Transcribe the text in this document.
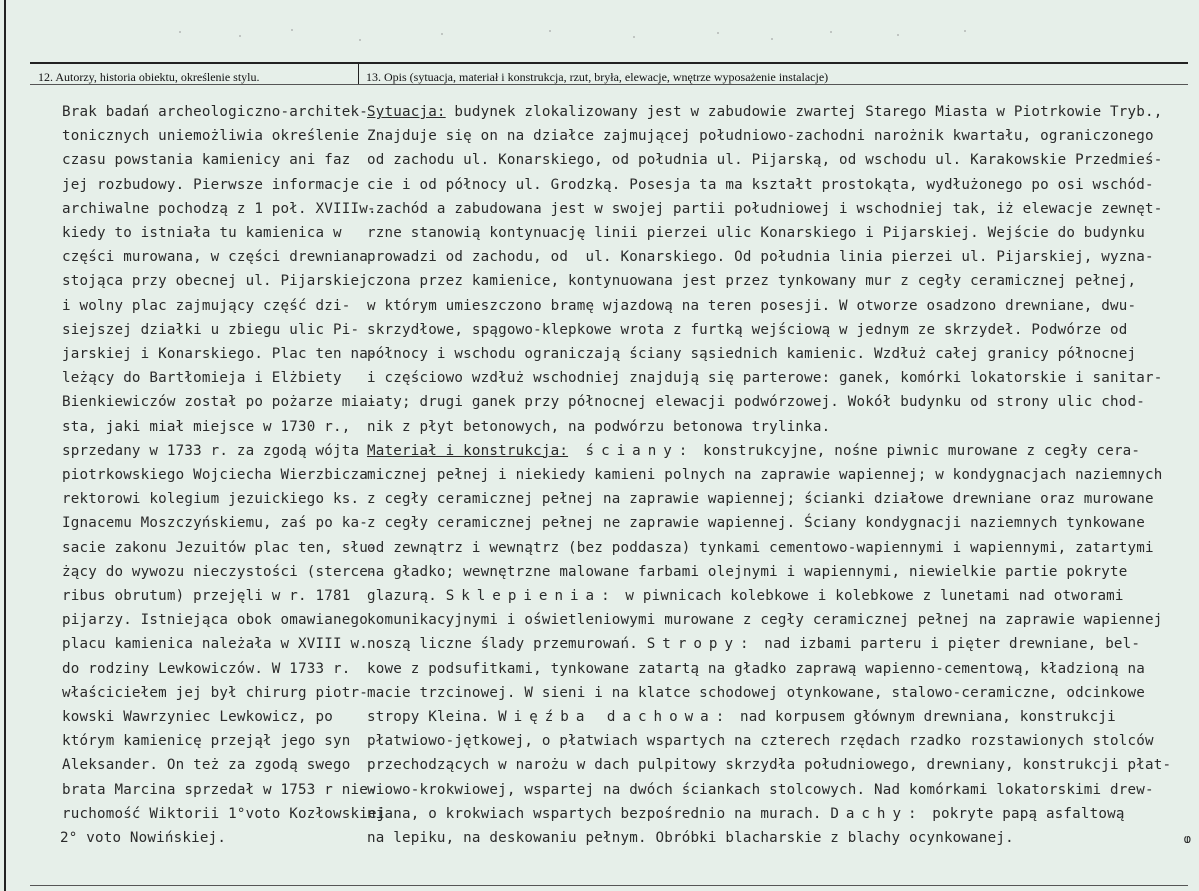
12. Autorzy, historia obiektu, określenie stylu.	13. Opis (sytuacja, materiał i konstrukcja, rzut, bryła, elewacje, wnętrze wyposażenie instalacje)
Brak badań archeologiczno-architek-
tonicznych uniemożliwia określenie
czasu powstania kamienicy ani faz
jej rozbudowy. Pierwsze informacje
archiwalne pochodzą z 1 poł. XVIIIw.
kiedy to istniała tu kamienica w
części murowana, w części drewniana
stojąca przy obecnej ul. Pijarskiej
i wolny plac zajmujący część dzi-
siejszej działki u zbiegu ulic Pi-
jarskiej i Konarskiego. Plac ten na-
leżący do Bartłomieja i Elżbiety
Bienkiewiczów został po pożarze mia-
sta, jaki miał miejsce w 1730 r.,
sprzedany w 1733 r. za zgodą wójta
piotrkowskiego Wojciecha Wierzbicza
rektorowi kolegium jezuickiego ks.
Ignacemu Moszczyńskiemu, zaś po ka-
sacie zakonu Jezuitów plac ten, słu-
żący do wywozu nieczystości (sterce-
ribus obrutum) przejęli w r. 1781
pijarzy. Istniejąca obok omawianego
placu kamienica należała w XVIII w.
do rodziny Lewkowiczów. W 1733 r.
właściciełem jej był chirurg piotr-
kowski Wawrzyniec Lewkowicz, po
którym kamienicę przejął jego syn
Aleksander. On też za zgodą swego
brata Marcina sprzedał w 1753 r nie-
ruchomość Wiktorii 1°voto Kozłowskiej
2° voto Nowińskiej.
Sytuacja: budynek zlokalizowany jest w zabudowie zwartej Starego Miasta w Piotrkowie Tryb.,
Znajduje się on na działce zajmującej południowo-zachodni narożnik kwartału, ograniczonego
od zachodu ul. Konarskiego, od południa ul. Pijarską, od wschodu ul. Karakowskie Przedmieś-
cie i od północy ul. Grodzką. Posesja ta ma kształt prostokąta, wydłużonego po osi wschód-
-zachód a zabudowana jest w swojej partii południowej i wschodniej tak, iż elewacje zewnęt-
rzne stanowią kontynuację linii pierzei ulic Konarskiego i Pijarskiej. Wejście do budynku
prowadzi od zachodu, od  ul. Konarskiego. Od południa linia pierzei ul. Pijarskiej, wyzna-
czona przez kamienice, kontynuowana jest przez tynkowany mur z cegły ceramicznej pełnej,
w którym umieszczono bramę wjazdową na teren posesji. W otworze osadzono drewniane, dwu-
skrzydłowe, spągowo-klepkowe wrota z furtką wejściową w jednym ze skrzydeł. Podwórze od
północy i wschodu ograniczają ściany sąsiednich kamienic. Wzdłuż całej granicy północnej
i częściowo wzdłuż wschodniej znajdują się parterowe: ganek, komórki lokatorskie i sanitar-
iaty; drugi ganek przy północnej elewacji podwórzowej. Wokół budynku od strony ulic chod-
nik z płyt betonowych, na podwórzu betonowa trylinka.
Materiał i konstrukcja: ściany: konstrukcyjne, nośne piwnic murowane z cegły cera-
micznej pełnej i niekiedy kamieni polnych na zaprawie wapiennej; w kondygnacjach naziemnych
z cegły ceramicznej pełnej na zaprawie wapiennej; ścianki działowe drewniane oraz murowane
z cegły ceramicznej pełnej ne zaprawie wapiennej. Ściany kondygnacji naziemnych tynkowane
od zewnątrz i wewnątrz (bez poddasza) tynkami cementowo-wapiennymi i wapiennymi, zatartymi
na gładko; wewnętrzne malowane farbami olejnymi i wapiennymi, niewielkie partie pokryte
glazurą. Sklepienia: w piwnicach kolebkowe i kolebkowe z lunetami nad otworami
komunikacyjnymi i oświetleniowymi murowane z cegły ceramicznej pełnej na zaprawie wapiennej
noszą liczne ślady przemurowań. Stropy: nad izbami parteru i pięter drewniane, bel-
kowe z podsufitkami, tynkowane zatartą na gładko zaprawą wapienno-cementową, kładzioną na
macie trzcinowej. W sieni i na klatce schodowej otynkowane, stalowo-ceramiczne, odcinkowe
stropy Kleina. Więźba dachowa: nad korpusem głównym drewniana, konstrukcji
płatwiowo-jętkowej, o płatwiach wspartych na czterech rzędach rzadko rozstawionych stolców
przechodzących w narożu w dach pulpitowy skrzydła południowego, drewniany, konstrukcji płat-
wiowo-krokwiowej, wspartej na dwóch ściankach stolcowych. Nad komórkami lokatorskimi drew-
niana, o krokwiach wspartych bezpośrednio na murach. Dachy: pokryte papą asfaltową
na lepiku, na deskowaniu pełnym. Obróbki blacharskie z blachy ocynkowanej.	ⱷ
